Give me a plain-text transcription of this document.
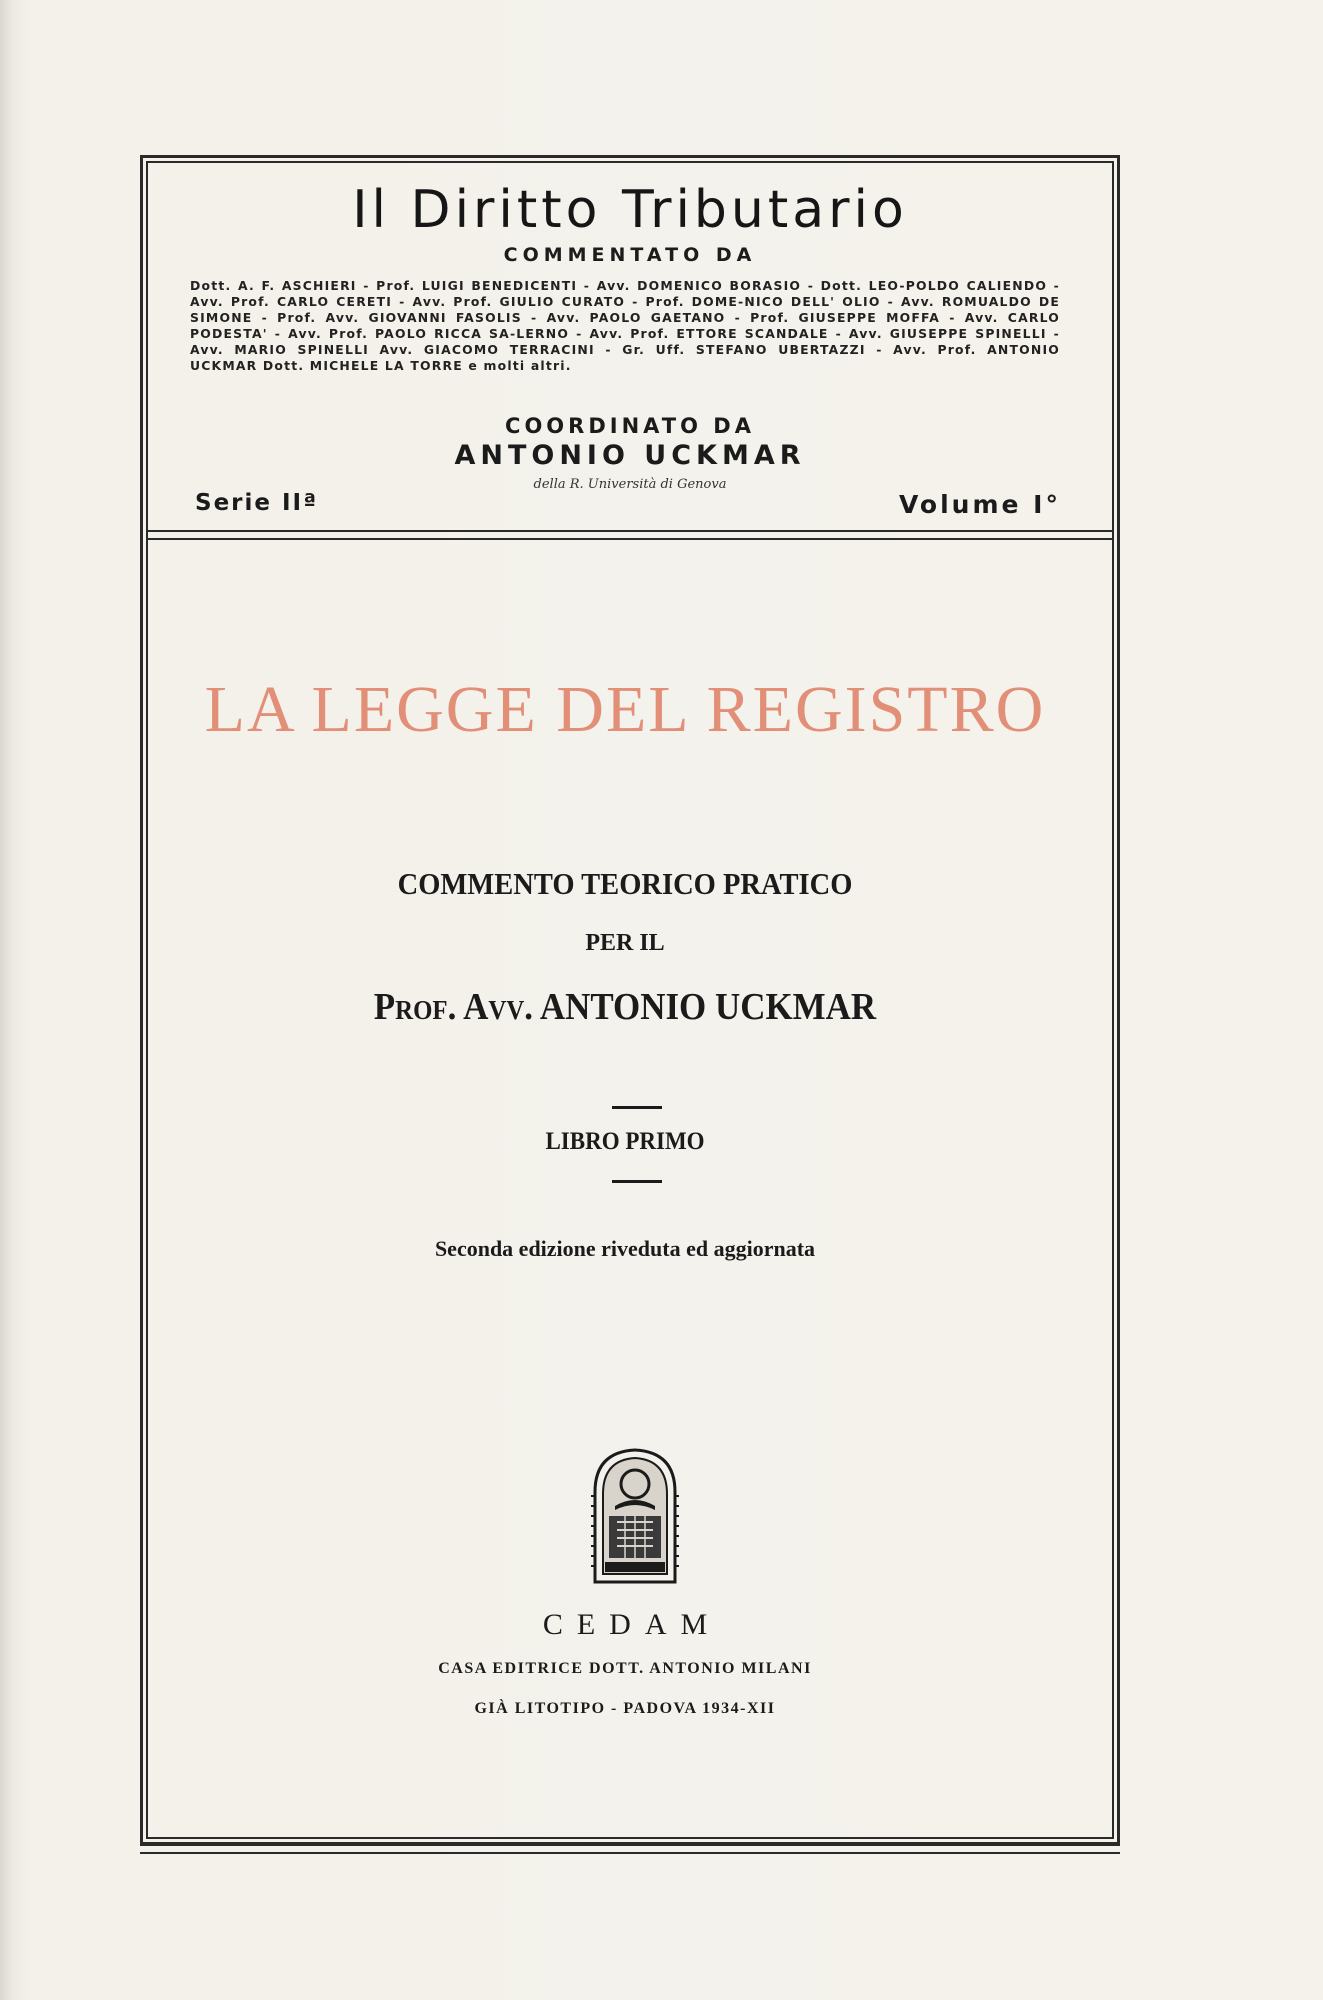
Il Diritto Tributario
COMMENTATO DA
Dott. A. F. ASCHIERI - Prof. LUIGI BENEDICENTI - Avv. DOMENICO BORASIO - Dott. LEO-POLDO CALIENDO - Avv. Prof. CARLO CERETI - Avv. Prof. GIULIO CURATO - Prof. DOME-NICO DELL' OLIO - Avv. ROMUALDO DE SIMONE - Prof. Avv. GIOVANNI FASOLIS - Avv. PAOLO GAETANO - Prof. GIUSEPPE MOFFA - Avv. CARLO PODESTA' - Avv. Prof. PAOLO RICCA SA-LERNO - Avv. Prof. ETTORE SCANDALE - Avv. GIUSEPPE SPINELLI - Avv. MARIO SPINELLI Avv. GIACOMO TERRACINI - Gr. Uff. STEFANO UBERTAZZI - Avv. Prof. ANTONIO UCKMAR Dott. MICHELE LA TORRE e molti altri.
COORDINATO DA
ANTONIO UCKMAR
della R. Università di Genova
Serie IIª	Volume I°
LA LEGGE DEL REGISTRO
COMMENTO TEORICO PRATICO
PER IL
Prof. Avv. ANTONIO UCKMAR
LIBRO PRIMO
Seconda edizione riveduta ed aggiornata
CEDAM
CASA EDITRICE DOTT. ANTONIO MILANI
GIÀ LITOTIPO - PADOVA 1934-XII
